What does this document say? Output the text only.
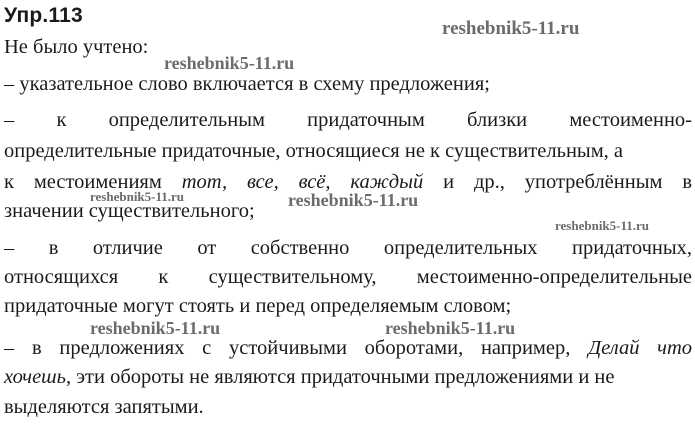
Упр.113
Не было учтено:
– указательное слово включается в схему предложения;
– к определительным придаточным близки местоименно-
определительные придаточные, относящиеся не к существительным, а
к местоимениям тот, все, всё, каждый и др., употреблённым в
значении существительного;
– в отличие от собственно определительных придаточных,
относящихся к существительному, местоименно-определительные
придаточные могут стоять и перед определяемым словом;
– в предложениях с устойчивыми оборотами, например, Делай что
хочешь, эти обороты не являются придаточными предложениями и не
выделяются запятыми.
reshebnik5-11.ru
reshebnik5-11.ru
reshebnik5-11.ru	reshebnik5-11.ru
reshebnik5-11.ru
reshebnik5-11.ru	reshebnik5-11.ru
